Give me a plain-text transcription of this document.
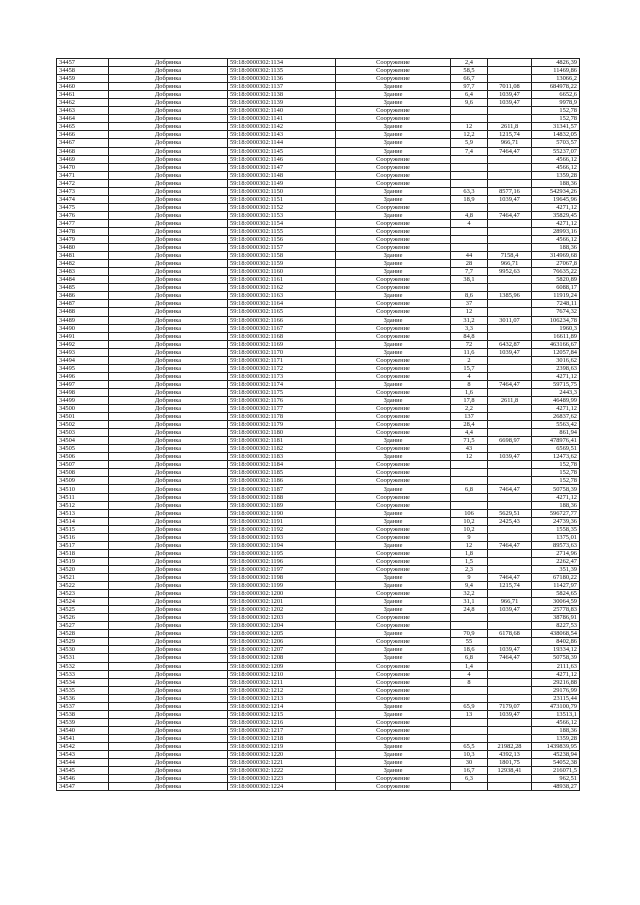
34457	Добрянка	59:18:0000302:1134	Сооружение	2,4		4826,39
34458	Добрянка	59:18:0000302:1135	Сооружение	58,5		11469,86
34459	Добрянка	59:18:0000302:1136	Сооружение	66,7		13066,2
34460	Добрянка	59:18:0000302:1137	Здание	97,7	7011,08	684978,22
34461	Добрянка	59:18:0000302:1138	Здание	6,4	1039,47	6652,6
34462	Добрянка	59:18:0000302:1139	Здание	9,6	1039,47	9978,9
34463	Добрянка	59:18:0000302:1140	Сооружение			152,78
34464	Добрянка	59:18:0000302:1141	Сооружение			152,78
34465	Добрянка	59:18:0000302:1142	Здание	12	2611,8	31341,57
34466	Добрянка	59:18:0000302:1143	Здание	12,2	1215,74	14832,05
34467	Добрянка	59:18:0000302:1144	Здание	5,9	966,71	5703,57
34468	Добрянка	59:18:0000302:1145	Здание	7,4	7464,47	55237,07
34469	Добрянка	59:18:0000302:1146	Сооружение			4566,12
34470	Добрянка	59:18:0000302:1147	Сооружение			4566,12
34471	Добрянка	59:18:0000302:1148	Сооружение			1359,28
34472	Добрянка	59:18:0000302:1149	Сооружение			188,36
34473	Добрянка	59:18:0000302:1150	Здание	63,3	8577,16	542934,26
34474	Добрянка	59:18:0000302:1151	Здание	18,9	1039,47	19645,96
34475	Добрянка	59:18:0000302:1152	Сооружение			4271,12
34476	Добрянка	59:18:0000302:1153	Здание	4,8	7464,47	35829,45
34477	Добрянка	59:18:0000302:1154	Сооружение	4		4271,12
34478	Добрянка	59:18:0000302:1155	Сооружение			28993,16
34479	Добрянка	59:18:0000302:1156	Сооружение			4566,12
34480	Добрянка	59:18:0000302:1157	Сооружение			188,36
34481	Добрянка	59:18:0000302:1158	Здание	44	7158,4	314969,68
34482	Добрянка	59:18:0000302:1159	Здание	28	966,71	27067,8
34483	Добрянка	59:18:0000302:1160	Здание	7,7	9952,63	76635,22
34484	Добрянка	59:18:0000302:1161	Сооружение	38,1		5820,89
34485	Добрянка	59:18:0000302:1162	Сооружение			6088,17
34486	Добрянка	59:18:0000302:1163	Здание	8,6	1385,96	11919,24
34487	Добрянка	59:18:0000302:1164	Сооружение	37		7248,11
34488	Добрянка	59:18:0000302:1165	Сооружение	12		7674,32
34489	Добрянка	59:18:0000302:1166	Здание	31,2	3011,07	106234,78
34490	Добрянка	59:18:0000302:1167	Сооружение	3,3		1960,3
34491	Добрянка	59:18:0000302:1168	Сооружение	84,8		16611,89
34492	Добрянка	59:18:0000302:1169	Здание	72	6432,87	463166,67
34493	Добрянка	59:18:0000302:1170	Здание	11,6	1039,47	12057,84
34494	Добрянка	59:18:0000302:1171	Сооружение	2		3016,62
34495	Добрянка	59:18:0000302:1172	Сооружение	15,7		2398,63
34496	Добрянка	59:18:0000302:1173	Сооружение	4		4271,12
34497	Добрянка	59:18:0000302:1174	Здание	8	7464,47	59715,75
34498	Добрянка	59:18:0000302:1175	Сооружение	1,6		2443,3
34499	Добрянка	59:18:0000302:1176	Здание	17,8	2611,8	46489,99
34500	Добрянка	59:18:0000302:1177	Сооружение	2,2		4271,12
34501	Добрянка	59:18:0000302:1178	Сооружение	137		26837,62
34502	Добрянка	59:18:0000302:1179	Сооружение	28,4		5563,42
34503	Добрянка	59:18:0000302:1180	Сооружение	4,4		861,94
34504	Добрянка	59:18:0000302:1181	Здание	71,5	6698,97	478976,41
34505	Добрянка	59:18:0000302:1182	Сооружение	43		6569,51
34506	Добрянка	59:18:0000302:1183	Здание	12	1039,47	12473,62
34507	Добрянка	59:18:0000302:1184	Сооружение			152,78
34508	Добрянка	59:18:0000302:1185	Сооружение			152,78
34509	Добрянка	59:18:0000302:1186	Сооружение			152,78
34510	Добрянка	59:18:0000302:1187	Здание	6,8	7464,47	50758,39
34511	Добрянка	59:18:0000302:1188	Сооружение			4271,12
34512	Добрянка	59:18:0000302:1189	Сооружение			188,36
34513	Добрянка	59:18:0000302:1190	Здание	106	5629,51	596727,77
34514	Добрянка	59:18:0000302:1191	Здание	10,2	2425,43	24739,36
34515	Добрянка	59:18:0000302:1192	Сооружение	10,2		1558,35
34516	Добрянка	59:18:0000302:1193	Сооружение	9		1375,01
34517	Добрянка	59:18:0000302:1194	Здание	12	7464,47	89573,63
34518	Добрянка	59:18:0000302:1195	Сооружение	1,8		2714,96
34519	Добрянка	59:18:0000302:1196	Сооружение	1,5		2262,47
34520	Добрянка	59:18:0000302:1197	Сооружение	2,3		351,39
34521	Добрянка	59:18:0000302:1198	Здание	9	7464,47	67180,22
34522	Добрянка	59:18:0000302:1199	Здание	9,4	1215,74	11427,97
34523	Добрянка	59:18:0000302:1200	Сооружение	32,2		5824,65
34524	Добрянка	59:18:0000302:1201	Здание	31,1	966,71	30064,59
34525	Добрянка	59:18:0000302:1202	Здание	24,8	1039,47	25778,83
34526	Добрянка	59:18:0000302:1203	Сооружение			38786,91
34527	Добрянка	59:18:0000302:1204	Сооружение			8227,53
34528	Добрянка	59:18:0000302:1205	Здание	70,9	6178,68	438068,54
34529	Добрянка	59:18:0000302:1206	Сооружение	55		8402,86
34530	Добрянка	59:18:0000302:1207	Здание	18,6	1039,47	19334,12
34531	Добрянка	59:18:0000302:1208	Здание	6,8	7464,47	50758,39
34532	Добрянка	59:18:0000302:1209	Сооружение	1,4		2111,63
34533	Добрянка	59:18:0000302:1210	Сооружение	4		4271,12
34534	Добрянка	59:18:0000302:1211	Сооружение	8		29216,88
34535	Добрянка	59:18:0000302:1212	Сооружение			29176,99
34536	Добрянка	59:18:0000302:1213	Сооружение			23115,44
34537	Добрянка	59:18:0000302:1214	Здание	65,9	7179,07	473100,79
34538	Добрянка	59:18:0000302:1215	Здание	13	1039,47	13513,1
34539	Добрянка	59:18:0000302:1216	Сооружение			4566,12
34540	Добрянка	59:18:0000302:1217	Сооружение			188,36
34541	Добрянка	59:18:0000302:1218	Сооружение			1359,28
34542	Добрянка	59:18:0000302:1219	Здание	65,5	21982,28	1439839,95
34543	Добрянка	59:18:0000302:1220	Здание	10,3	4392,13	45238,94
34544	Добрянка	59:18:0000302:1221	Здание	30	1801,75	54052,38
34545	Добрянка	59:18:0000302:1222	Здание	16,7	12938,41	216071,5
34546	Добрянка	59:18:0000302:1223	Сооружение	6,3		962,51
34547	Добрянка	59:18:0000302:1224	Сооружение			48938,27
